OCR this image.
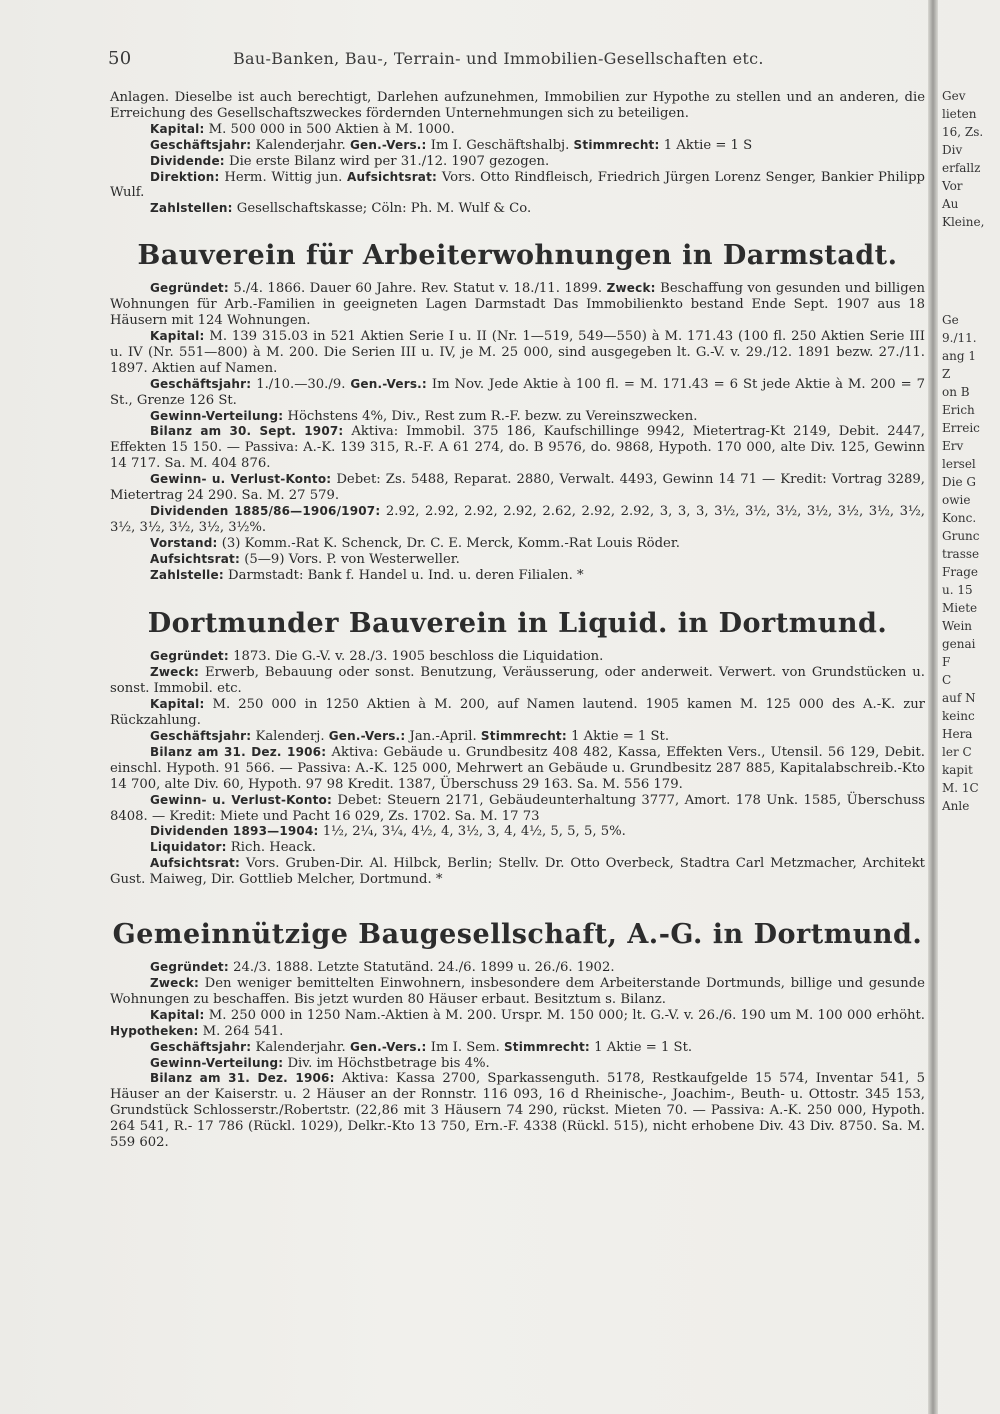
Gev
lieten
16, Zs.
Div
erfallz
Vor
Au
Kleine,
Ge
9./11.
ang 1
Z
on B
Erich
Erreic
Erv
lersel
Die G
owie
Konc.
Grunc
trasse
Frage
u. 15
Miete
Wein
genai
F
C
auf N
keinc
Hera
ler C
kapit
M. 1C
Anle
50	Bau-Banken, Bau-, Terrain- und Immobilien-Gesellschaften etc.

Anlagen. Dieselbe ist auch berechtigt, Darlehen aufzunehmen, Immobilien zur Hypothe zu stellen und an anderen, die Erreichung des Gesellschaftszweckes fördernden Unternehmungen sich zu beteiligen.

Kapital: M. 500 000 in 500 Aktien à M. 1000.

Geschäftsjahr: Kalenderjahr. Gen.-Vers.: Im I. Geschäftshalbj. Stimmrecht: 1 Aktie = 1 S

Dividende: Die erste Bilanz wird per 31./12. 1907 gezogen.

Direktion: Herm. Wittig jun. Aufsichtsrat: Vors. Otto Rindfleisch, Friedrich Jürgen Lorenz Senger, Bankier Philipp Wulf.

Zahlstellen: Gesellschaftskasse; Cöln: Ph. M. Wulf & Co.

Bauverein für Arbeiterwohnungen in Darmstadt.

Gegründet: 5./4. 1866. Dauer 60 Jahre. Rev. Statut v. 18./11. 1899. Zweck: Beschaffung von gesunden und billigen Wohnungen für Arb.-Familien in geeigneten Lagen Darmstadt Das Immobilienkto bestand Ende Sept. 1907 aus 18 Häusern mit 124 Wohnungen.

Kapital: M. 139 315.03 in 521 Aktien Serie I u. II (Nr. 1—519, 549—550) à M. 171.43 (100 fl. 250 Aktien Serie III u. IV (Nr. 551—800) à M. 200. Die Serien III u. IV, je M. 25 000, sind ausgegeben lt. G.-V. v. 29./12. 1891 bezw. 27./11. 1897. Aktien auf Namen.

Geschäftsjahr: 1./10.—30./9. Gen.-Vers.: Im Nov. Jede Aktie à 100 fl. = M. 171.43 = 6 St jede Aktie à M. 200 = 7 St., Grenze 126 St.

Gewinn-Verteilung: Höchstens 4%, Div., Rest zum R.-F. bezw. zu Vereinszwecken.

Bilanz am 30. Sept. 1907: Aktiva: Immobil. 375 186, Kaufschillinge 9942, Mietertrag-Kt 2149, Debit. 2447, Effekten 15 150. — Passiva: A.-K. 139 315, R.-F. A 61 274, do. B 9576, do. 9868, Hypoth. 170 000, alte Div. 125, Gewinn 14 717. Sa. M. 404 876.

Gewinn- u. Verlust-Konto: Debet: Zs. 5488, Reparat. 2880, Verwalt. 4493, Gewinn 14 71 — Kredit: Vortrag 3289, Mietertrag 24 290. Sa. M. 27 579.

Dividenden 1885/86—1906/1907: 2.92, 2.92, 2.92, 2.92, 2.62, 2.92, 2.92, 3, 3, 3, 3½, 3½, 3½, 3½, 3½, 3½, 3½, 3½, 3½, 3½, 3½, 3½%.

Vorstand: (3) Komm.-Rat K. Schenck, Dr. C. E. Merck, Komm.-Rat Louis Röder.

Aufsichtsrat: (5—9) Vors. P. von Westerweller.

Zahlstelle: Darmstadt: Bank f. Handel u. Ind. u. deren Filialen. *

Dortmunder Bauverein in Liquid. in Dortmund.

Gegründet: 1873. Die G.-V. v. 28./3. 1905 beschloss die Liquidation.

Zweck: Erwerb, Bebauung oder sonst. Benutzung, Veräusserung, oder anderweit. Verwert. von Grundstücken u. sonst. Immobil. etc.

Kapital: M. 250 000 in 1250 Aktien à M. 200, auf Namen lautend. 1905 kamen M. 125 000 des A.-K. zur Rückzahlung.

Geschäftsjahr: Kalenderj. Gen.-Vers.: Jan.-April. Stimmrecht: 1 Aktie = 1 St.

Bilanz am 31. Dez. 1906: Aktiva: Gebäude u. Grundbesitz 408 482, Kassa, Effekten Vers., Utensil. 56 129, Debit. einschl. Hypoth. 91 566. — Passiva: A.-K. 125 000, Mehrwert an Gebäude u. Grundbesitz 287 885, Kapitalabschreib.-Kto 14 700, alte Div. 60, Hypoth. 97 98 Kredit. 1387, Überschuss 29 163. Sa. M. 556 179.

Gewinn- u. Verlust-Konto: Debet: Steuern 2171, Gebäudeunterhaltung 3777, Amort. 178 Unk. 1585, Überschuss 8408. — Kredit: Miete und Pacht 16 029, Zs. 1702. Sa. M. 17 73

Dividenden 1893—1904: 1½, 2¼, 3¼, 4½, 4, 3½, 3, 4, 4½, 5, 5, 5, 5%.

Liquidator: Rich. Heack.

Aufsichtsrat: Vors. Gruben-Dir. Al. Hilbck, Berlin; Stellv. Dr. Otto Overbeck, Stadtra Carl Metzmacher, Architekt Gust. Maiweg, Dir. Gottlieb Melcher, Dortmund. *

Gemeinnützige Baugesellschaft, A.-G. in Dortmund.

Gegründet: 24./3. 1888. Letzte Statutänd. 24./6. 1899 u. 26./6. 1902.

Zweck: Den weniger bemittelten Einwohnern, insbesondere dem Arbeiterstande Dortmunds, billige und gesunde Wohnungen zu beschaffen. Bis jetzt wurden 80 Häuser erbaut. Besitztum s. Bilanz.

Kapital: M. 250 000 in 1250 Nam.-Aktien à M. 200. Urspr. M. 150 000; lt. G.-V. v. 26./6. 190 um M. 100 000 erhöht. Hypotheken: M. 264 541.

Geschäftsjahr: Kalenderjahr. Gen.-Vers.: Im I. Sem. Stimmrecht: 1 Aktie = 1 St.

Gewinn-Verteilung: Div. im Höchstbetrage bis 4%.

Bilanz am 31. Dez. 1906: Aktiva: Kassa 2700, Sparkassenguth. 5178, Restkaufgelde 15 574, Inventar 541, 5 Häuser an der Kaiserstr. u. 2 Häuser an der Ronnstr. 116 093, 16 d Rheinische-, Joachim-, Beuth- u. Ottostr. 345 153, Grundstück Schlosserstr./Robertstr. (22,86 mit 3 Häusern 74 290, rückst. Mieten 70. — Passiva: A.-K. 250 000, Hypoth. 264 541, R.- 17 786 (Rückl. 1029), Delkr.-Kto 13 750, Ern.-F. 4338 (Rückl. 515), nicht erhobene Div. 43 Div. 8750. Sa. M. 559 602.
